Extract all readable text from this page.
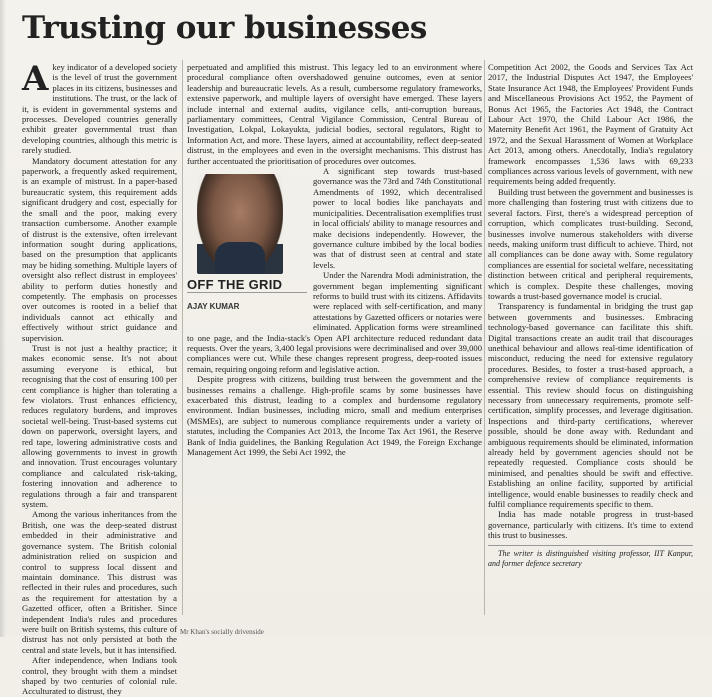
Trusting our businesses

Akey indicator of a developed society is the level of trust the government places in its citizens, businesses and institutions. The trust, or the lack of it, is evident in governmental systems and processes. Developed countries generally exhibit greater governmental trust than developing countries, although this metric is rarely studied.

Mandatory document attestation for any paperwork, a frequently asked requirement, is an example of mistrust. In a paper-based bureaucratic system, this requirement adds significant drudgery and cost, especially for the small and the poor, making every transaction cumbersome. Another example of distrust is the extensive, often irrelevant information sought during applications, based on the presumption that applicants may be hiding something. Multiple layers of oversight also reflect distrust in employees' ability to perform duties honestly and competently. The emphasis on processes over outcomes is rooted in a belief that individuals cannot act ethically and effectively without strict guidance and supervision.

Trust is not just a healthy practice; it makes economic sense. It's not about assuming everyone is ethical, but recognising that the cost of ensuring 100 per cent compliance is higher than tolerating a few violators. Trust enhances efficiency, reduces regulatory burdens, and improves societal well-being. Trust-based systems cut down on paperwork, oversight layers, and red tape, lowering administrative costs and allowing governments to invest in growth and innovation. Trust encourages voluntary compliance and calculated risk-taking, fostering innovation and adherence to regulations through a fair and transparent system.

Among the various inheritances from the British, one was the deep-seated distrust embedded in their administrative and governance system. The British colonial administration relied on suspicion and control to suppress local dissent and maintain dominance. This distrust was reflected in their rules and procedures, such as the requirement for attestation by a Gazetted officer, often a Britisher. Since independent India's rules and procedures were built on British systems, this culture of distrust has not only persisted at both the central and state levels, but it has intensified.

After independence, when Indians took control, they brought with them a mindset shaped by two centuries of colonial rule. Acculturated to distrust, they

perpetuated and amplified this mistrust. This legacy led to an environment where procedural compliance often overshadowed genuine outcomes, even at senior leadership and bureaucratic levels. As a result, cumbersome regulatory frameworks, extensive paperwork, and multiple layers of oversight have emerged. These layers include internal and external audits, vigilance cells, anti-corruption bureaus, parliamentary committees, Central Vigilance Commission, Central Bureau of Investigation, Lokpal, Lokayukta, judicial bodies, sectoral regulators, Right to Information Act, and more. These layers, aimed at accountability, reflect deep-seated distrust, in the employees and even in the oversight mechanisms. This distrust has further accentuated the prioritisation of procedures over outcomes.

OFF THE GRID
AJAY KUMAR

A significant step towards trust-based governance was the 73rd and 74th Constitutional Amendments of 1992, which decentralised power to local bodies like panchayats and municipalities. Decentralisation exemplifies trust in local officials' ability to manage resources and make decisions independently. However, the governance culture imbibed by the local bodies was that of distrust seen at central and state levels.

Under the Narendra Modi administration, the government began implementing significant reforms to build trust with its citizens. Affidavits were replaced with self-certification, and many attestations by Gazetted officers or notaries were eliminated. Application forms were streamlined to one page, and the India-stack's Open API architecture reduced redundant data requests. Over the years, 3,400 legal provisions were decriminalised and over 39,000 compliances were cut. While these changes represent progress, deep-rooted issues remain, requiring ongoing reform and legislative action.

Despite progress with citizens, building trust between the government and the businesses remains a challenge. High-profile scams by some businesses have exacerbated this distrust, leading to a complex and burdensome regulatory environment. Indian businesses, including micro, small and medium enterprises (MSMEs), are subject to numerous compliance requirements under a variety of statutes, including the Companies Act 2013, the Income Tax Act 1961, the Reserve Bank of India guidelines, the Banking Regulation Act 1949, the Foreign Exchange Management Act 1999, the Sebi Act 1992, the

Competition Act 2002, the Goods and Services Tax Act 2017, the Industrial Disputes Act 1947, the Employees' State Insurance Act 1948, the Employees' Provident Funds and Miscellaneous Provisions Act 1952, the Payment of Bonus Act 1965, the Factories Act 1948, the Contract Labour Act 1970, the Child Labour Act 1986, the Maternity Benefit Act 1961, the Payment of Gratuity Act 1972, and the Sexual Harassment of Women at Workplace Act 2013, among others. Anecdotally, India's regulatory framework encompasses 1,536 laws with 69,233 compliances across various levels of government, with new requirements being added frequently.

Building trust between the government and businesses is more challenging than fostering trust with citizens due to several factors. First, there's a widespread perception of corruption, which complicates trust-building. Second, businesses involve numerous stakeholders with diverse needs, making uniform trust difficult to achieve. Third, not all compliances can be done away with. Some regulatory compliances are essential for societal welfare, necessitating distinction between critical and peripheral requirements, which is complex. Despite these challenges, moving towards a trust-based governance model is crucial.

Transparency is fundamental in bridging the trust gap between governments and businesses. Embracing technology-based governance can facilitate this shift. Digital transactions create an audit trail that discourages unethical behaviour and allows real-time identification of misconduct, reducing the need for extensive regulatory procedures. Besides, to foster a trust-based approach, a comprehensive review of compliance requirements is essential. This review should focus on distinguishing necessary from unnecessary requirements, promote self-certification, simplify processes, and leverage digitisation. Inspections and third-party certifications, wherever possible, should be done away with. Redundant and ambiguous requirements should be eliminated, information already held by government agencies should not be repeatedly requested. Compliance costs should be minimised, and penalties should be swift and effective. Establishing an online facility, supported by artificial intelligence, would enable businesses to readily check and fulfil compliance requirements specific to them.

India has made notable progress in trust-based governance, particularly with citizens. It's time to extend this trust to businesses.

The writer is distinguished visiting professor, IIT Kanpur, and former defence secretary

Mr Khan's socially drivenside
